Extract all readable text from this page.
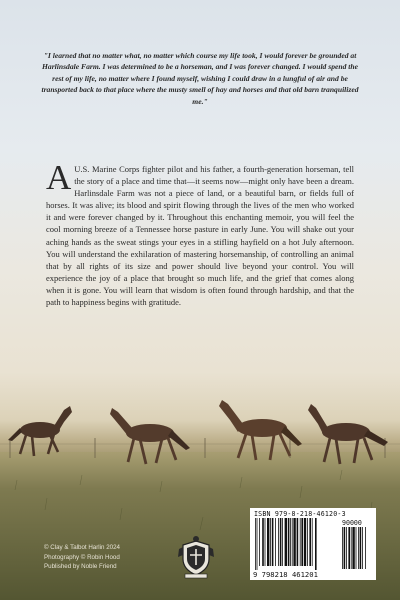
"I learned that no matter what, no matter which course my life took, I would forever be grounded at Harlinsdale Farm. I was determined to be a horseman, and I was forever changed. I would spend the rest of my life, no matter where I found myself, wishing I could draw in a lungful of air and be transported back to that place where the musty smell of hay and horses and that old barn tranquilized me."
A U.S. Marine Corps fighter pilot and his father, a fourth-generation horseman, tell the story of a place and time that—it seems now—might only have been a dream. Harlinsdale Farm was not a piece of land, or a beautiful barn, or fields full of horses. It was alive; its blood and spirit flowing through the lives of the men who worked it and were forever changed by it. Throughout this enchanting memoir, you will feel the cool morning breeze of a Tennessee horse pasture in early June. You will shake out your aching hands as the sweat stings your eyes in a stifling hayfield on a hot July afternoon. You will understand the exhilaration of mastering horsemanship, of controlling an animal that by all rights of its size and power should live beyond your control. You will experience the joy of a place that brought so much life, and the grief that comes along when it is gone. You will learn that wisdom is often found through hardship, and that the path to happiness begins with gratitude.
© Clay & Talbot Harlin 2024
Photography © Robin Hood
Published by Noble Friend
ISBN 979-8-218-46120-3
90000
9 798218 461201
